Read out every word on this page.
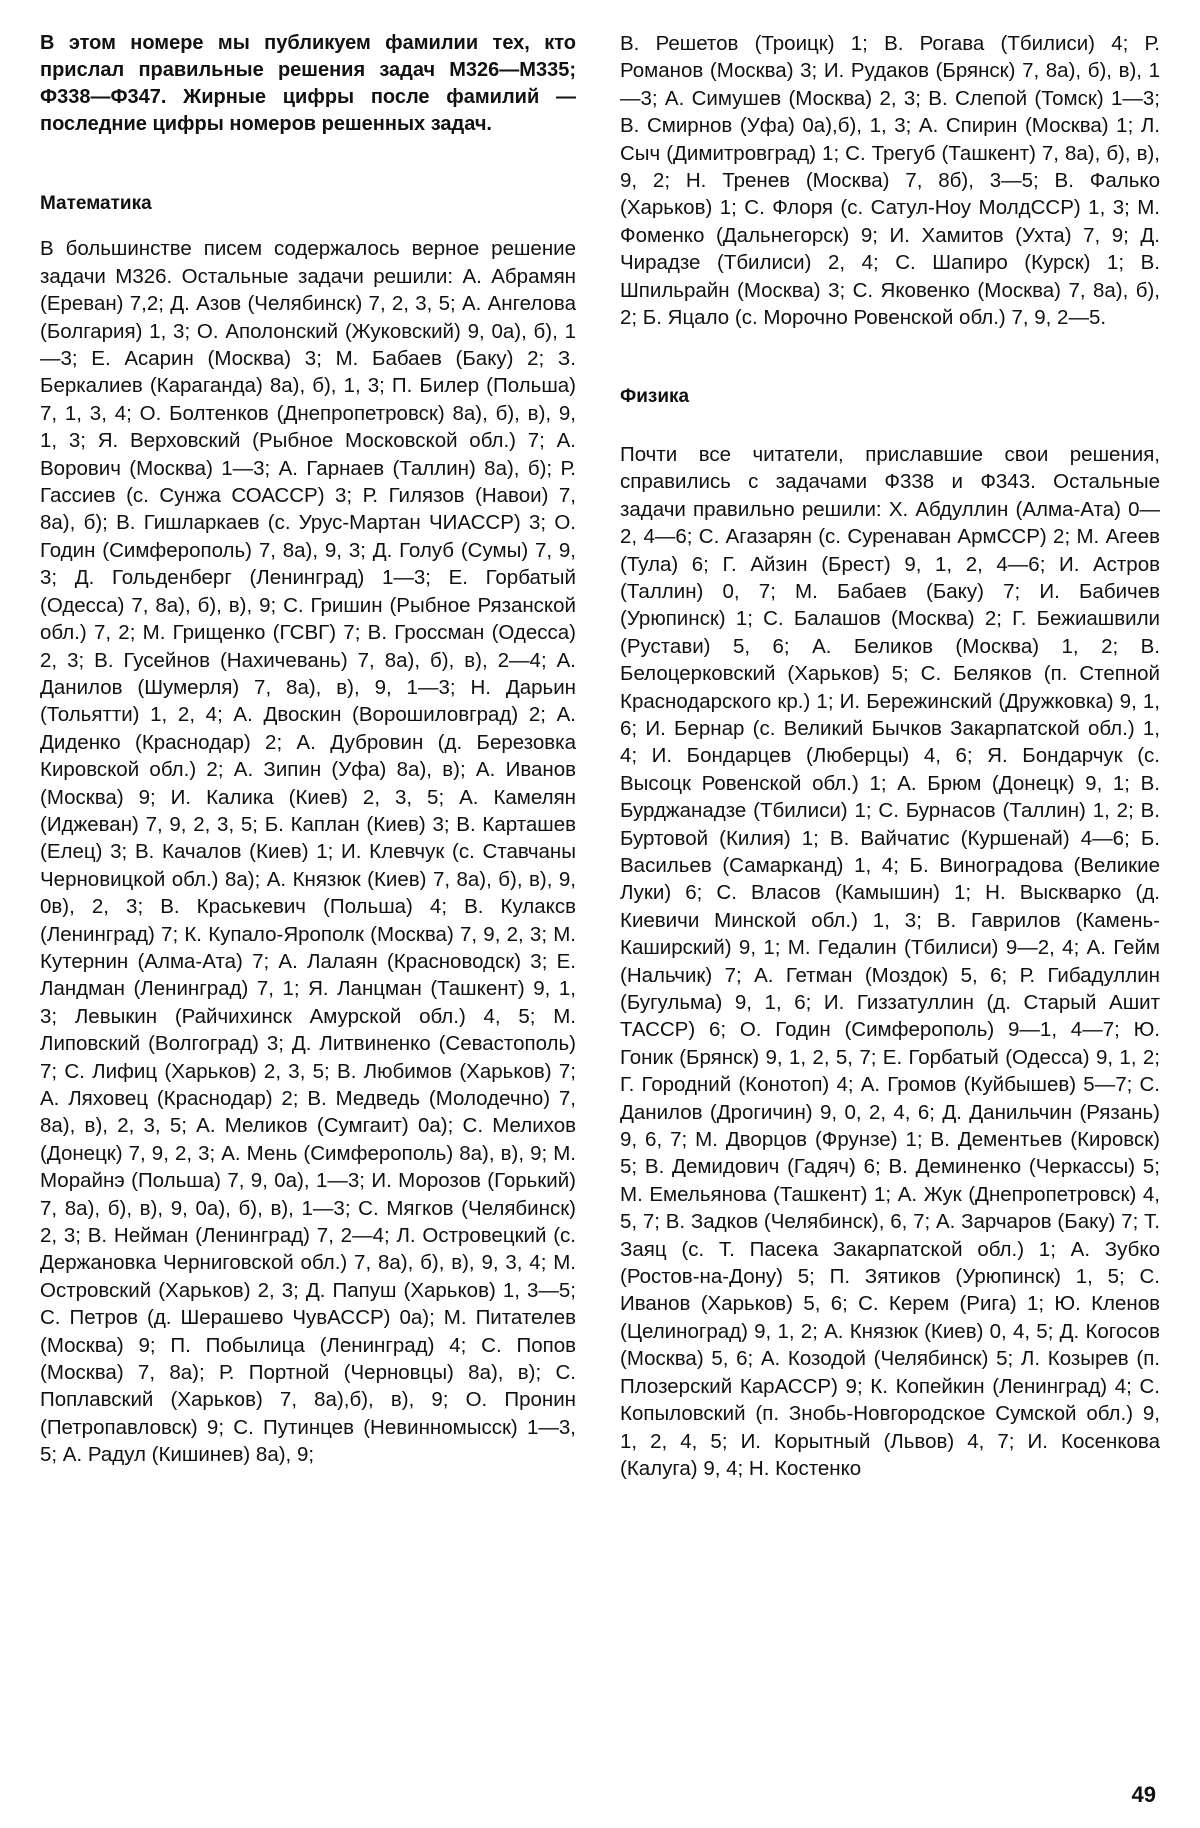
В этом номере мы публикуем фамилии тех, кто прислал правильные решения задач М326—М335; Ф338—Ф347. Жирные цифры после фамилий — последние цифры номеров решенных задач.

Математика

В большинстве писем содержалось верное решение задачи М326. Остальные задачи решили: А. Абрамян (Ереван) 7,2; Д. Азов (Челябинск) 7, 2, 3, 5; А. Ангелова (Болгария) 1, 3; О. Аполонский (Жуковский) 9, 0а), б), 1—3; Е. Асарин (Москва) 3; М. Бабаев (Баку) 2; З. Беркалиев (Караганда) 8а), б), 1, 3; П. Билер (Польша) 7, 1, 3, 4; О. Болтенков (Днепропетровск) 8а), б), в), 9, 1, 3; Я. Верховский (Рыбное Московской обл.) 7; А. Ворович (Москва) 1—3; А. Гарнаев (Таллин) 8а), б); Р. Гассиев (с. Сунжа СОАССР) 3; Р. Гилязов (Навои) 7, 8а), б); В. Гишларкаев (с. Урус-Мартан ЧИАССР) 3; О. Годин (Симферополь) 7, 8а), 9, 3; Д. Голуб (Сумы) 7, 9, 3; Д. Гольденберг (Ленинград) 1—3; Е. Горбатый (Одесса) 7, 8а), б), в), 9; С. Гришин (Рыбное Рязанской обл.) 7, 2; М. Грищенко (ГСВГ) 7; В. Гроссман (Одесса) 2, 3; В. Гусейнов (Нахичевань) 7, 8а), б), в), 2—4; А. Данилов (Шумерля) 7, 8а), в), 9, 1—3; Н. Дарьин (Тольятти) 1, 2, 4; А. Двоскин (Ворошиловград) 2; А. Диденко (Краснодар) 2; А. Дубровин (д. Березовка Кировской обл.) 2; А. Зипин (Уфа) 8а), в); А. Иванов (Москва) 9; И. Калика (Киев) 2, 3, 5; А. Камелян (Иджеван) 7, 9, 2, 3, 5; Б. Каплан (Киев) 3; В. Карташев (Елец) 3; В. Качалов (Киев) 1; И. Клевчук (с. Ставчаны Черновицкой обл.) 8а); А. Князюк (Киев) 7, 8а), б), в), 9, 0в), 2, 3; В. Краськевич (Польша) 4; В. Кулаксв (Ленинград) 7; К. Купало-Ярополк (Москва) 7, 9, 2, 3; М. Кутернин (Алма-Ата) 7; А. Лалаян (Красноводск) 3; Е. Ландман (Ленинград) 7, 1; Я. Ланцман (Ташкент) 9, 1, 3; Левыкин (Райчихинск Амурской обл.) 4, 5; М. Липовский (Волгоград) 3; Д. Литвиненко (Севастополь) 7; С. Лифиц (Харьков) 2, 3, 5; В. Любимов (Харьков) 7; А. Ляховец (Краснодар) 2; В. Медведь (Молодечно) 7, 8а), в), 2, 3, 5; А. Меликов (Сумгаит) 0а); С. Мелихов (Донецк) 7, 9, 2, 3; А. Мень (Симферополь) 8а), в), 9; М. Морайнэ (Польша) 7, 9, 0а), 1—3; И. Морозов (Горький) 7, 8а), б), в), 9, 0а), б), в), 1—3; С. Мягков (Челябинск) 2, 3; В. Нейман (Ленинград) 7, 2—4; Л. Островецкий (с. Держановка Черниговской обл.) 7, 8а), б), в), 9, 3, 4; М. Островский (Харьков) 2, 3; Д. Папуш (Харьков) 1, 3—5; С. Петров (д. Шерашево ЧувАССР) 0а); М. Питателев (Москва) 9; П. Побылица (Ленинград) 4; С. Попов (Москва) 7, 8а); Р. Портной (Черновцы) 8а), в); С. Поплавский (Харьков) 7, 8а),б), в), 9; О. Пронин (Петропавловск) 9; С. Путинцев (Невинномысск) 1—3, 5; А. Радул (Кишинев) 8а), 9;

В. Решетов (Троицк) 1; В. Рогава (Тбилиси) 4; Р. Романов (Москва) 3; И. Рудаков (Брянск) 7, 8а), б), в), 1—3; А. Симушев (Москва) 2, 3; В. Слепой (Томск) 1—3; В. Смирнов (Уфа) 0а),б), 1, 3; А. Спирин (Москва) 1; Л. Сыч (Димитровград) 1; С. Трегуб (Ташкент) 7, 8а), б), в), 9, 2; Н. Тренев (Москва) 7, 8б), 3—5; В. Фалько (Харьков) 1; С. Флоря (с. Сатул-Ноу МолдССР) 1, 3; М. Фоменко (Дальнегорск) 9; И. Хамитов (Ухта) 7, 9; Д. Чирадзе (Тбилиси) 2, 4; С. Шапиро (Курск) 1; В. Шпильрайн (Москва) 3; С. Яковенко (Москва) 7, 8а), б), 2; Б. Яцало (с. Морочно Ровенской обл.) 7, 9, 2—5.

Физика

Почти все читатели, приславшие свои решения, справились с задачами Ф338 и Ф343. Остальные задачи правильно решили: Х. Абдуллин (Алма-Ата) 0—2, 4—6; С. Агазарян (с. Суренаван АрмССР) 2; М. Агеев (Тула) 6; Г. Айзин (Брест) 9, 1, 2, 4—6; И. Астров (Таллин) 0, 7; М. Бабаев (Баку) 7; И. Бабичев (Урюпинск) 1; С. Балашов (Москва) 2; Г. Бежиашвили (Рустави) 5, 6; А. Беликов (Москва) 1, 2; В. Белоцерковский (Харьков) 5; С. Беляков (п. Степной Краснодарского кр.) 1; И. Бережинский (Дружковка) 9, 1, 6; И. Бернар (с. Великий Бычков Закарпатской обл.) 1, 4; И. Бондарцев (Люберцы) 4, 6; Я. Бондарчук (с. Высоцк Ровенской обл.) 1; А. Брюм (Донецк) 9, 1; В. Бурджанадзе (Тбилиси) 1; С. Бурнасов (Таллин) 1, 2; В. Буртовой (Килия) 1; В. Вайчатис (Куршенай) 4—6; Б. Васильев (Самарканд) 1, 4; Б. Виноградова (Великие Луки) 6; С. Власов (Камышин) 1; Н. Выскварко (д. Киевичи Минской обл.) 1, 3; В. Гаврилов (Камень-Каширский) 9, 1; М. Гедалин (Тбилиси) 9—2, 4; А. Гейм (Нальчик) 7; А. Гетман (Моздок) 5, 6; Р. Гибадуллин (Бугульма) 9, 1, 6; И. Гиззатуллин (д. Старый Ашит ТАССР) 6; О. Годин (Симферополь) 9—1, 4—7; Ю. Гоник (Брянск) 9, 1, 2, 5, 7; Е. Горбатый (Одесса) 9, 1, 2; Г. Городний (Конотоп) 4; А. Громов (Куйбышев) 5—7; С. Данилов (Дрогичин) 9, 0, 2, 4, 6; Д. Данильчин (Рязань) 9, 6, 7; М. Дворцов (Фрунзе) 1; В. Дементьев (Кировск) 5; В. Демидович (Гадяч) 6; В. Деминенко (Черкассы) 5; М. Емельянова (Ташкент) 1; А. Жук (Днепропетровск) 4, 5, 7; В. Задков (Челябинск), 6, 7; А. Зарчаров (Баку) 7; Т. Заяц (с. Т. Пасека Закарпатской обл.) 1; А. Зубко (Ростов-на-Дону) 5; П. Зятиков (Урюпинск) 1, 5; С. Иванов (Харьков) 5, 6; С. Керем (Рига) 1; Ю. Кленов (Целиноград) 9, 1, 2; А. Князюк (Киев) 0, 4, 5; Д. Когосов (Москва) 5, 6; А. Козодой (Челябинск) 5; Л. Козырев (п. Плозерский КарАССР) 9; К. Копейкин (Ленинград) 4; С. Копыловский (п. Знобь-Новгородское Сумской обл.) 9, 1, 2, 4, 5; И. Корытный (Львов) 4, 7; И. Косенкова (Калуга) 9, 4; Н. Костенко

49
